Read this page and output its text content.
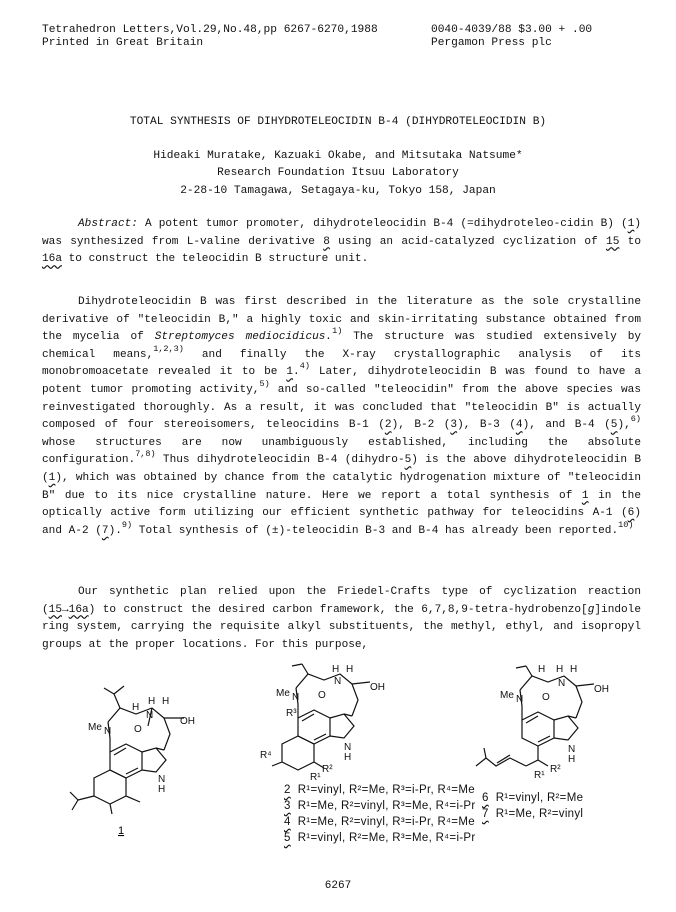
Tetrahedron Letters,Vol.29,No.48,pp 6267-6270,1988
Printed in Great Britain
0040-4039/88 $3.00 + .00
Pergamon Press plc
TOTAL SYNTHESIS OF DIHYDROTELEOCIDIN B-4 (DIHYDROTELEOCIDIN B)
Hideaki Muratake, Kazuaki Okabe, and Mitsutaka Natsume*
Research Foundation Itsuu Laboratory
2-28-10 Tamagawa, Setagaya-ku, Tokyo 158, Japan

Abstract: A potent tumor promoter, dihydroteleocidin B-4 (=dihydroteleo-cidin B) (1) was synthesized from L-valine derivative 8 using an acid-catalyzed cyclization of 15 to 16a to construct the teleocidin B structure unit.

Dihydroteleocidin B was first described in the literature as the sole crystalline derivative of "teleocidin B," a highly toxic and skin-irritating substance obtained from the mycelia of Streptomyces mediocidicus.$^{1)}$ The structure was studied extensively by chemical means,$^{1,2,3)}$ and finally the X-ray crystallographic analysis of its monobromoacetate revealed it to be 1.$^{4)}$ Later, dihydroteleocidin B was found to have a potent tumor promoting activity,$^{5)}$ and so-called "teleocidin" from the above species was reinvestigated thoroughly. As a result, it was concluded that "teleocidin B" is actually composed of four stereoisomers, teleocidins B-1 (2), B-2 (3), B-3 (4), and B-4 (5),$^{6)}$ whose structures are now unambiguously established, including the absolute configuration.$^{7,8)}$ Thus dihydroteleocidin B-4 (dihydro-5) is the above dihydroteleocidin B (1), which was obtained by chance from the catalytic hydrogenation mixture of "teleocidin B" due to its nice crystalline nature. Here we report a total synthesis of 1 in the optically active form utilizing our efficient synthetic pathway for teleocidins A-1 (6) and A-2 (7).$^{9)}$ Total synthesis of (±)-teleocidin B-3 and B-4 has already been reported.$^{10)}$

Our synthetic plan relied upon the Friedel-Crafts type of cyclization reaction (15→16a) to construct the desired carbon framework, the 6,7,8,9-tetra-hydrobenzo[g]indole ring system, carrying the requisite alkyl substituents, the methyl, ethyl, and isopropyl groups at the proper locations. For this purpose,

Me N
N
H
H H
O
OH
N
H
1
Me N
N
H H
O
OH
R³
R⁴
N
H
R²
R¹
Me N
N
H H H
O
OH
N
H
R²
R¹
2 R¹=vinyl, R²=Me, R³=i-Pr, R⁴=Me
3 R¹=Me, R²=vinyl, R³=Me, R⁴=i-Pr
4 R¹=Me, R²=vinyl, R³=i-Pr, R⁴=Me
5 R¹=vinyl, R²=Me, R³=Me, R⁴=i-Pr
6 R¹=vinyl, R²=Me
7 R¹=Me, R²=vinyl
2-5	6,7
6267
